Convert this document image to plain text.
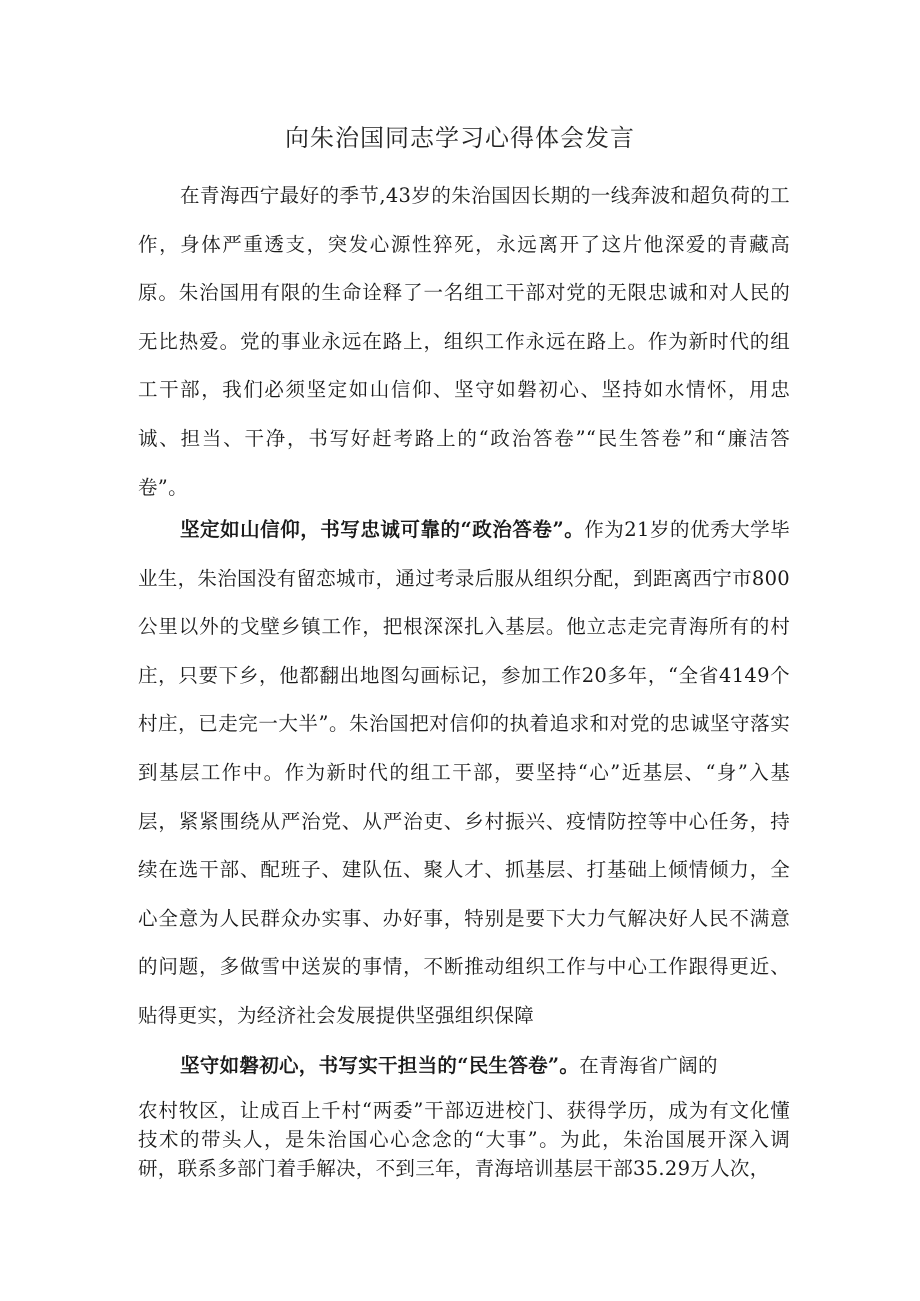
向朱治国同志学习心得体会发言
在青海西宁最好的季节,43岁的朱治国因长期的一线奔波和超负荷的工作，身体严重透支，突发心源性猝死，永远离开了这片他深爱的青藏高原。朱治国用有限的生命诠释了一名组工干部对党的无限忠诚和对人民的无比热爱。党的事业永远在路上，组织工作永远在路上。作为新时代的组工干部，我们必须坚定如山信仰、坚守如磐初心、坚持如水情怀，用忠诚、担当、干净，书写好赶考路上的“政治答卷”“民生答卷”和“廉洁答卷”。
坚定如山信仰，书写忠诚可靠的“政治答卷”。作为21岁的优秀大学毕业生，朱治国没有留恋城市，通过考录后服从组织分配，到距离西宁市800公里以外的戈壁乡镇工作，把根深深扎入基层。他立志走完青海所有的村庄，只要下乡，他都翻出地图勾画标记，参加工作20多年，“全省4149个村庄，已走完一大半”。朱治国把对信仰的执着追求和对党的忠诚坚守落实到基层工作中。作为新时代的组工干部，要坚持“心”近基层、“身”入基层，紧紧围绕从严治党、从严治吏、乡村振兴、疫情防控等中心任务，持续在选干部、配班子、建队伍、聚人才、抓基层、打基础上倾情倾力，全心全意为人民群众办实事、办好事，特别是要下大力气解决好人民不满意的问题，多做雪中送炭的事情，不断推动组织工作与中心工作跟得更近、贴得更实，为经济社会发展提供坚强组织保障
坚守如磐初心，书写实干担当的“民生答卷”。在青海省广阔的
农村牧区，让成百上千村“两委”干部迈进校门、获得学历，成为有文化懂技术的带头人，是朱治国心心念念的“大事”。为此，朱治国展开深入调研，联系多部门着手解决，不到三年，青海培训基层干部35.29万人次，
